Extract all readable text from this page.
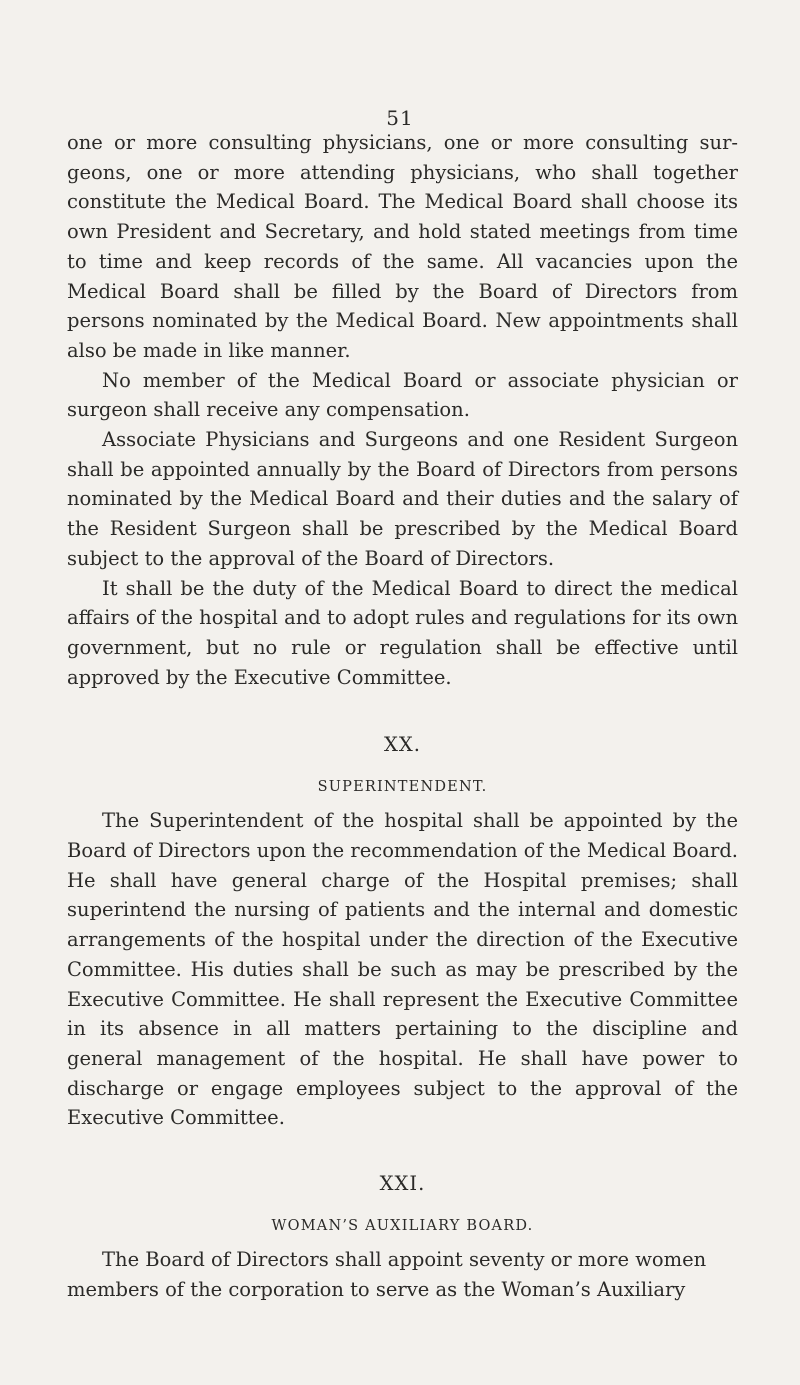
51

one or more consulting physicians, one or more consulting surgeons, one or more attending physicians, who shall together constitute the Medical Board. The Medical Board shall choose its own President and Secretary, and hold stated meetings from time to time and keep records of the same. All vacancies upon the Medical Board shall be filled by the Board of Directors from persons nominated by the Medical Board. New appointments shall also be made in like manner.

No member of the Medical Board or associate physician or surgeon shall receive any compensation.

Associate Physicians and Surgeons and one Resident Surgeon shall be appointed annually by the Board of Directors from persons nominated by the Medical Board and their duties and the salary of the Resident Surgeon shall be prescribed by the Medical Board subject to the approval of the Board of Directors.

It shall be the duty of the Medical Board to direct the medical affairs of the hospital and to adopt rules and regulations for its own government, but no rule or regulation shall be effective until approved by the Executive Committee.

XX.
SUPERINTENDENT.

The Superintendent of the hospital shall be appointed by the Board of Directors upon the recommendation of the Medical Board. He shall have general charge of the Hospital premises; shall superintend the nursing of patients and the internal and domestic arrangements of the hospital under the direction of the Executive Committee. His duties shall be such as may be prescribed by the Executive Committee. He shall represent the Executive Committee in its absence in all matters pertaining to the discipline and general management of the hospital. He shall have power to discharge or engage employees subject to the approval of the Executive Committee.

XXI.
WOMAN’S AUXILIARY BOARD.

The Board of Directors shall appoint seventy or more women members of the corporation to serve as the Woman’s Auxiliary
